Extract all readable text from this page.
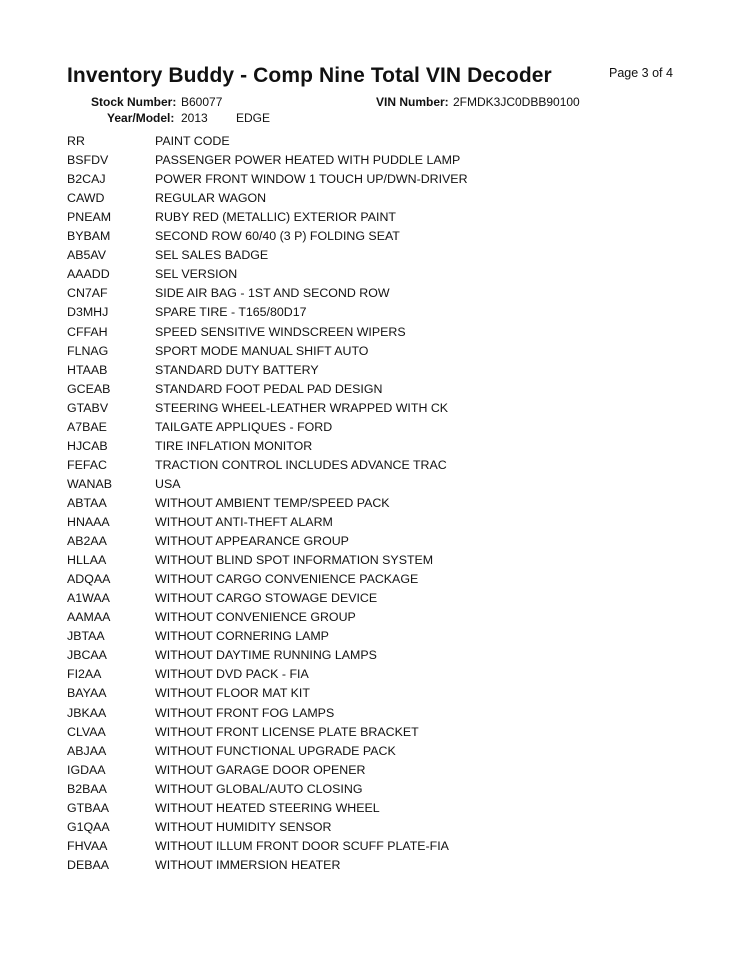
Inventory Buddy - Comp Nine Total VIN Decoder	Page 3 of 4
Stock Number: B60077	VIN Number: 2FMDK3JC0DBB90100
Year/Model: 2013 EDGE
RR	PAINT CODE
BSFDV	PASSENGER POWER HEATED WITH PUDDLE LAMP
B2CAJ	POWER FRONT WINDOW 1 TOUCH UP/DWN-DRIVER
CAWD	REGULAR WAGON
PNEAM	RUBY RED (METALLIC) EXTERIOR PAINT
BYBAM	SECOND ROW 60/40 (3 P) FOLDING SEAT
AB5AV	SEL SALES BADGE
AAADD	SEL VERSION
CN7AF	SIDE AIR BAG - 1ST AND SECOND ROW
D3MHJ	SPARE TIRE - T165/80D17
CFFAH	SPEED SENSITIVE WINDSCREEN WIPERS
FLNAG	SPORT MODE MANUAL SHIFT AUTO
HTAAB	STANDARD DUTY BATTERY
GCEAB	STANDARD FOOT PEDAL PAD DESIGN
GTABV	STEERING WHEEL-LEATHER WRAPPED WITH CK
A7BAE	TAILGATE APPLIQUES - FORD
HJCAB	TIRE INFLATION MONITOR
FEFAC	TRACTION CONTROL INCLUDES ADVANCE TRAC
WANAB	USA
ABTAA	WITHOUT AMBIENT TEMP/SPEED PACK
HNAAA	WITHOUT ANTI-THEFT ALARM
AB2AA	WITHOUT APPEARANCE GROUP
HLLAA	WITHOUT BLIND SPOT INFORMATION SYSTEM
ADQAA	WITHOUT CARGO CONVENIENCE PACKAGE
A1WAA	WITHOUT CARGO STOWAGE DEVICE
AAMAA	WITHOUT CONVENIENCE GROUP
JBTAA	WITHOUT CORNERING LAMP
JBCAA	WITHOUT DAYTIME RUNNING LAMPS
FI2AA	WITHOUT DVD PACK - FIA
BAYAA	WITHOUT FLOOR MAT KIT
JBKAA	WITHOUT FRONT FOG LAMPS
CLVAA	WITHOUT FRONT LICENSE PLATE BRACKET
ABJAA	WITHOUT FUNCTIONAL UPGRADE PACK
IGDAA	WITHOUT GARAGE DOOR OPENER
B2BAA	WITHOUT GLOBAL/AUTO CLOSING
GTBAA	WITHOUT HEATED STEERING WHEEL
G1QAA	WITHOUT HUMIDITY SENSOR
FHVAA	WITHOUT ILLUM FRONT DOOR SCUFF PLATE-FIA
DEBAA	WITHOUT IMMERSION HEATER
